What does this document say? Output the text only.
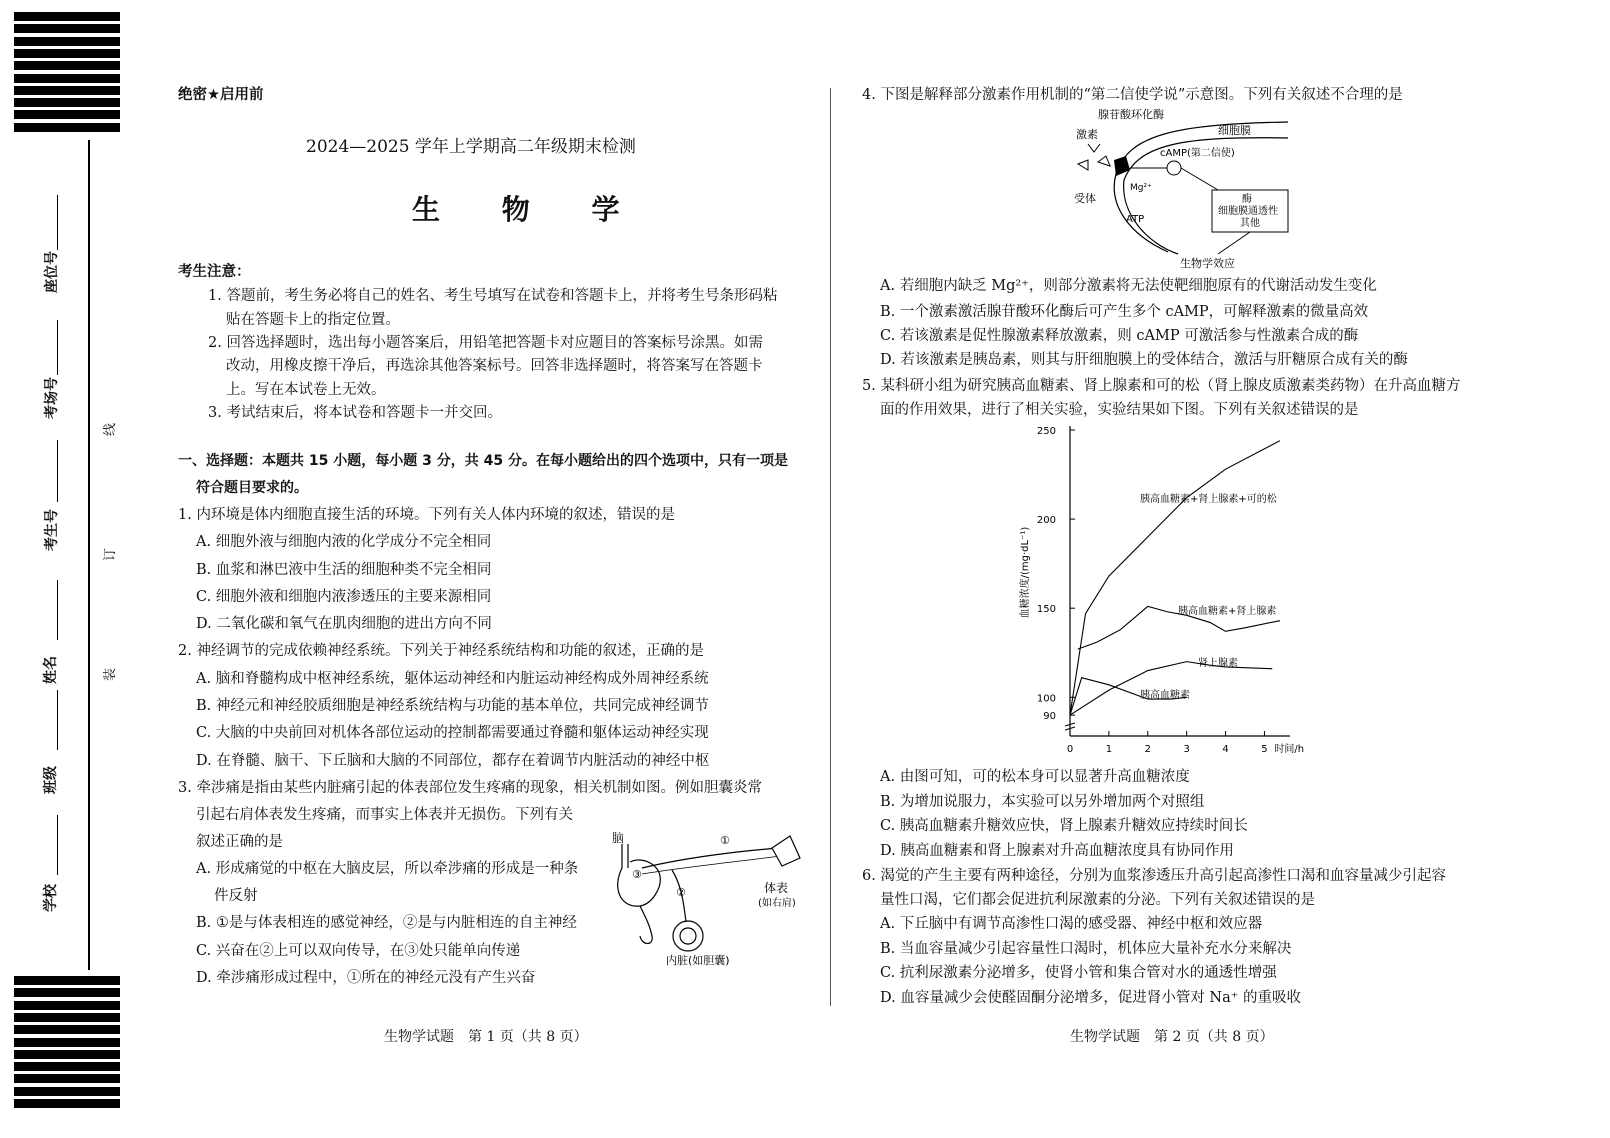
座位号
考场号
考生号
姓名
班级
学校
线
订
装
绝密★启用前
2024—2025 学年上学期高二年级期末检测
生 物 学
考生注意：
1. 答题前，考生务必将自己的姓名、考生号填写在试卷和答题卡上，并将考生号条形码粘
贴在答题卡上的指定位置。
2. 回答选择题时，选出每小题答案后，用铅笔把答题卡对应题目的答案标号涂黑。如需
改动，用橡皮擦干净后，再选涂其他答案标号。回答非选择题时，将答案写在答题卡
上。写在本试卷上无效。
3. 考试结束后，将本试卷和答题卡一并交回。
一、选择题：本题共 15 小题，每小题 3 分，共 45 分。在每小题给出的四个选项中，只有一项是
符合题目要求的。
1. 内环境是体内细胞直接生活的环境。下列有关人体内环境的叙述，错误的是
A. 细胞外液与细胞内液的化学成分不完全相同
B. 血浆和淋巴液中生活的细胞种类不完全相同
C. 细胞外液和细胞内液渗透压的主要来源相同
D. 二氧化碳和氧气在肌肉细胞的进出方向不同
2. 神经调节的完成依赖神经系统。下列关于神经系统结构和功能的叙述，正确的是
A. 脑和脊髓构成中枢神经系统，躯体运动神经和内脏运动神经构成外周神经系统
B. 神经元和神经胶质细胞是神经系统结构与功能的基本单位，共同完成神经调节
C. 大脑的中央前回对机体各部位运动的控制都需要通过脊髓和躯体运动神经实现
D. 在脊髓、脑干、下丘脑和大脑的不同部位，都存在着调节内脏活动的神经中枢
3. 牵涉痛是指由某些内脏痛引起的体表部位发生疼痛的现象，相关机制如图。例如胆囊炎常
引起右肩体表发生疼痛，而事实上体表并无损伤。下列有关
叙述正确的是
A. 形成痛觉的中枢在大脑皮层，所以牵涉痛的形成是一种条
件反射
B. ①是与体表相连的感觉神经，②是与内脏相连的自主神经
C. 兴奋在②上可以双向传导，在③处只能单向传递
D. 牵涉痛形成过程中，①所在的神经元没有产生兴奋
脑
③
①
体表
(如右肩)
②
内脏(如胆囊)
生物学试题　第 1 页（共 8 页）
4. 下图是解释部分激素作用机制的“第二信使学说”示意图。下列有关叙述不合理的是
腺苷酸环化酶
细胞膜
激素
cAMP(第二信使)
Mg²⁺
受体
ATP
酶
细胞膜通透性
其他
生物学效应
A. 若细胞内缺乏 Mg²⁺，则部分激素将无法使靶细胞原有的代谢活动发生变化
B. 一个激素激活腺苷酸环化酶后可产生多个 cAMP，可解释激素的微量高效
C. 若该激素是促性腺激素释放激素，则 cAMP 可激活参与性激素合成的酶
D. 若该激素是胰岛素，则其与肝细胞膜上的受体结合，激活与肝糖原合成有关的酶
5. 某科研小组为研究胰高血糖素、肾上腺素和可的松（肾上腺皮质激素类药物）在升高血糖方
面的作用效果，进行了相关实验，实验结果如下图。下列有关叙述错误的是
90
100
150
200
250
0	1	2	3	4	5 时间/h
血糖浓度/(mg·dL⁻¹)
胰高血糖素+肾上腺素+可的松
胰高血糖素+肾上腺素
肾上腺素
胰高血糖素
A. 由图可知，可的松本身可以显著升高血糖浓度
B. 为增加说服力，本实验可以另外增加两个对照组
C. 胰高血糖素升糖效应快，肾上腺素升糖效应持续时间长
D. 胰高血糖素和肾上腺素对升高血糖浓度具有协同作用
6. 渴觉的产生主要有两种途径，分别为血浆渗透压升高引起高渗性口渴和血容量减少引起容
量性口渴，它们都会促进抗利尿激素的分泌。下列有关叙述错误的是
A. 下丘脑中有调节高渗性口渴的感受器、神经中枢和效应器
B. 当血容量减少引起容量性口渴时，机体应大量补充水分来解决
C. 抗利尿激素分泌增多，使肾小管和集合管对水的通透性增强
D. 血容量减少会使醛固酮分泌增多，促进肾小管对 Na⁺ 的重吸收
生物学试题　第 2 页（共 8 页）
